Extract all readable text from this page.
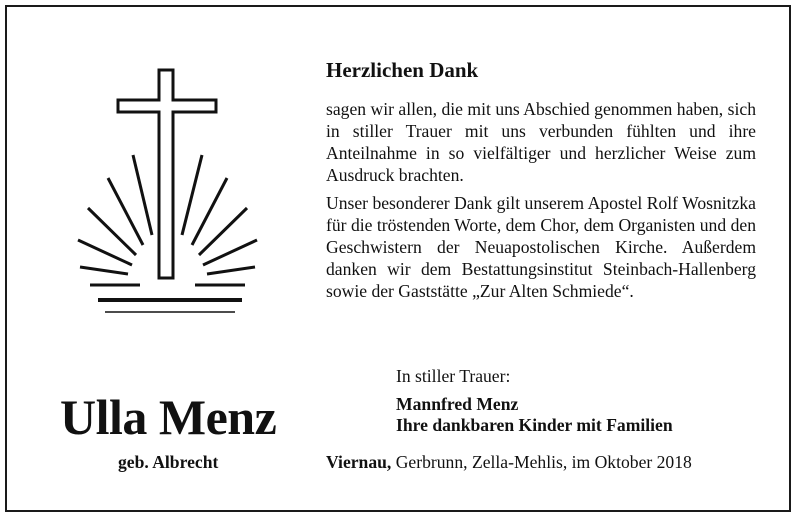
Herzlichen Dank

sagen wir allen, die mit uns Abschied genommen haben, sich in stiller Trauer mit uns verbunden fühlten und ihre Anteilnahme in so vielfältiger und herzlicher Weise zum Ausdruck brachten.

Unser besonderer Dank gilt unserem Apostel Rolf Wosnitzka für die tröstenden Worte, dem Chor, dem Organisten und den Geschwistern der Neuapostolischen Kirche. Außerdem danken wir dem Bestattungsinstitut Steinbach-Hallenberg sowie der Gaststätte „Zur Alten Schmiede“.

In stiller Trauer:
Mannfred Menz
Ihre dankbaren Kinder mit Familien
Ulla Menz
geb. Albrecht	Viernau, Gerbrunn, Zella-Mehlis, im Oktober 2018
